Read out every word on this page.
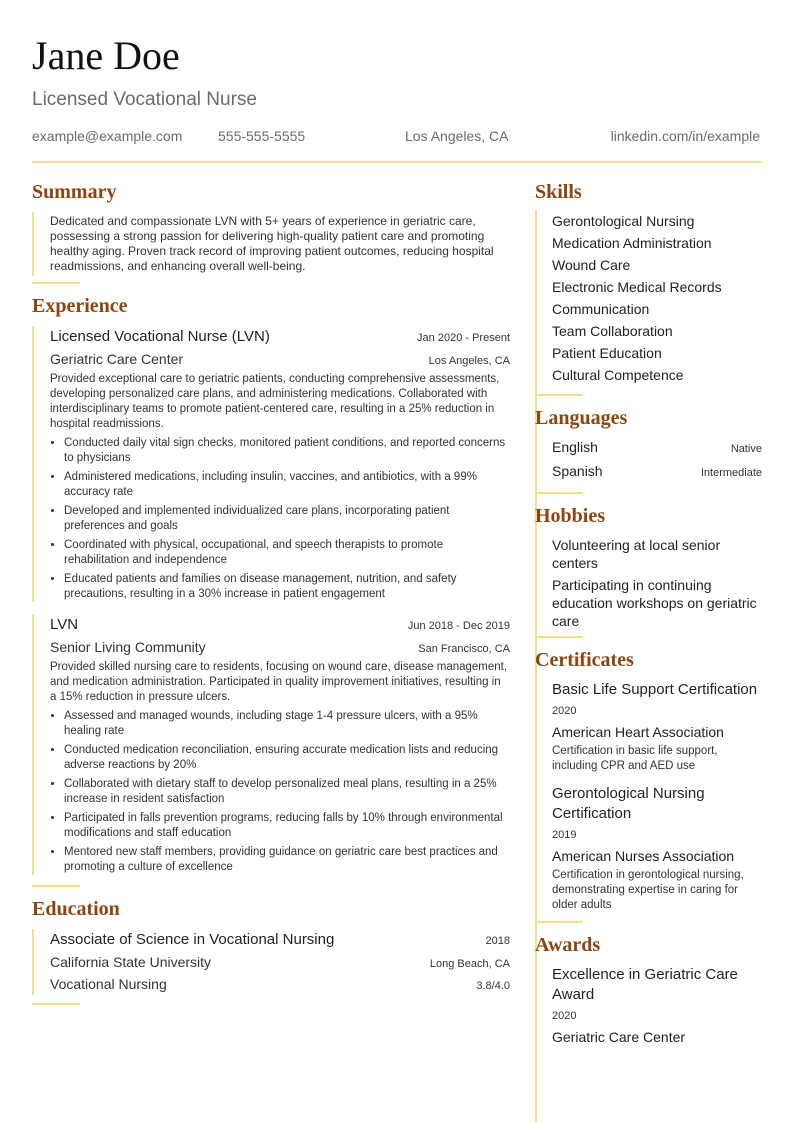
Jane Doe
Licensed Vocational Nurse
example@example.com	555-555-5555	Los Angeles, CA	linkedin.com/in/example
Summary
Dedicated and compassionate LVN with 5+ years of experience in geriatric care, possessing a strong passion for delivering high-quality patient care and promoting healthy aging. Proven track record of improving patient outcomes, reducing hospital readmissions, and enhancing overall well-being.
Experience
Licensed Vocational Nurse (LVN)	Jan 2020 - Present
Geriatric Care Center	Los Angeles, CA
Provided exceptional care to geriatric patients, conducting comprehensive assessments, developing personalized care plans, and administering medications. Collaborated with interdisciplinary teams to promote patient-centered care, resulting in a 25% reduction in hospital readmissions.
• Conducted daily vital sign checks, monitored patient conditions, and reported concerns to physicians
• Administered medications, including insulin, vaccines, and antibiotics, with a 99% accuracy rate
• Developed and implemented individualized care plans, incorporating patient preferences and goals
• Coordinated with physical, occupational, and speech therapists to promote rehabilitation and independence
• Educated patients and families on disease management, nutrition, and safety precautions, resulting in a 30% increase in patient engagement
LVN	Jun 2018 - Dec 2019
Senior Living Community	San Francisco, CA
Provided skilled nursing care to residents, focusing on wound care, disease management, and medication administration. Participated in quality improvement initiatives, resulting in a 15% reduction in pressure ulcers.
• Assessed and managed wounds, including stage 1-4 pressure ulcers, with a 95% healing rate
• Conducted medication reconciliation, ensuring accurate medication lists and reducing adverse reactions by 20%
• Collaborated with dietary staff to develop personalized meal plans, resulting in a 25% increase in resident satisfaction
• Participated in falls prevention programs, reducing falls by 10% through environmental modifications and staff education
• Mentored new staff members, providing guidance on geriatric care best practices and promoting a culture of excellence
Education
Associate of Science in Vocational Nursing	2018
California State University	Long Beach, CA
Vocational Nursing	3.8/4.0
Skills
Gerontological Nursing
Medication Administration
Wound Care
Electronic Medical Records
Communication
Team Collaboration
Patient Education
Cultural Competence
Languages
English	Native
Spanish	Intermediate
Hobbies
Volunteering at local senior centers
Participating in continuing education workshops on geriatric care
Certificates
Basic Life Support Certification
2020
American Heart Association
Certification in basic life support, including CPR and AED use
Gerontological Nursing Certification
2019
American Nurses Association
Certification in gerontological nursing, demonstrating expertise in caring for older adults
Awards
Excellence in Geriatric Care Award
2020
Geriatric Care Center
